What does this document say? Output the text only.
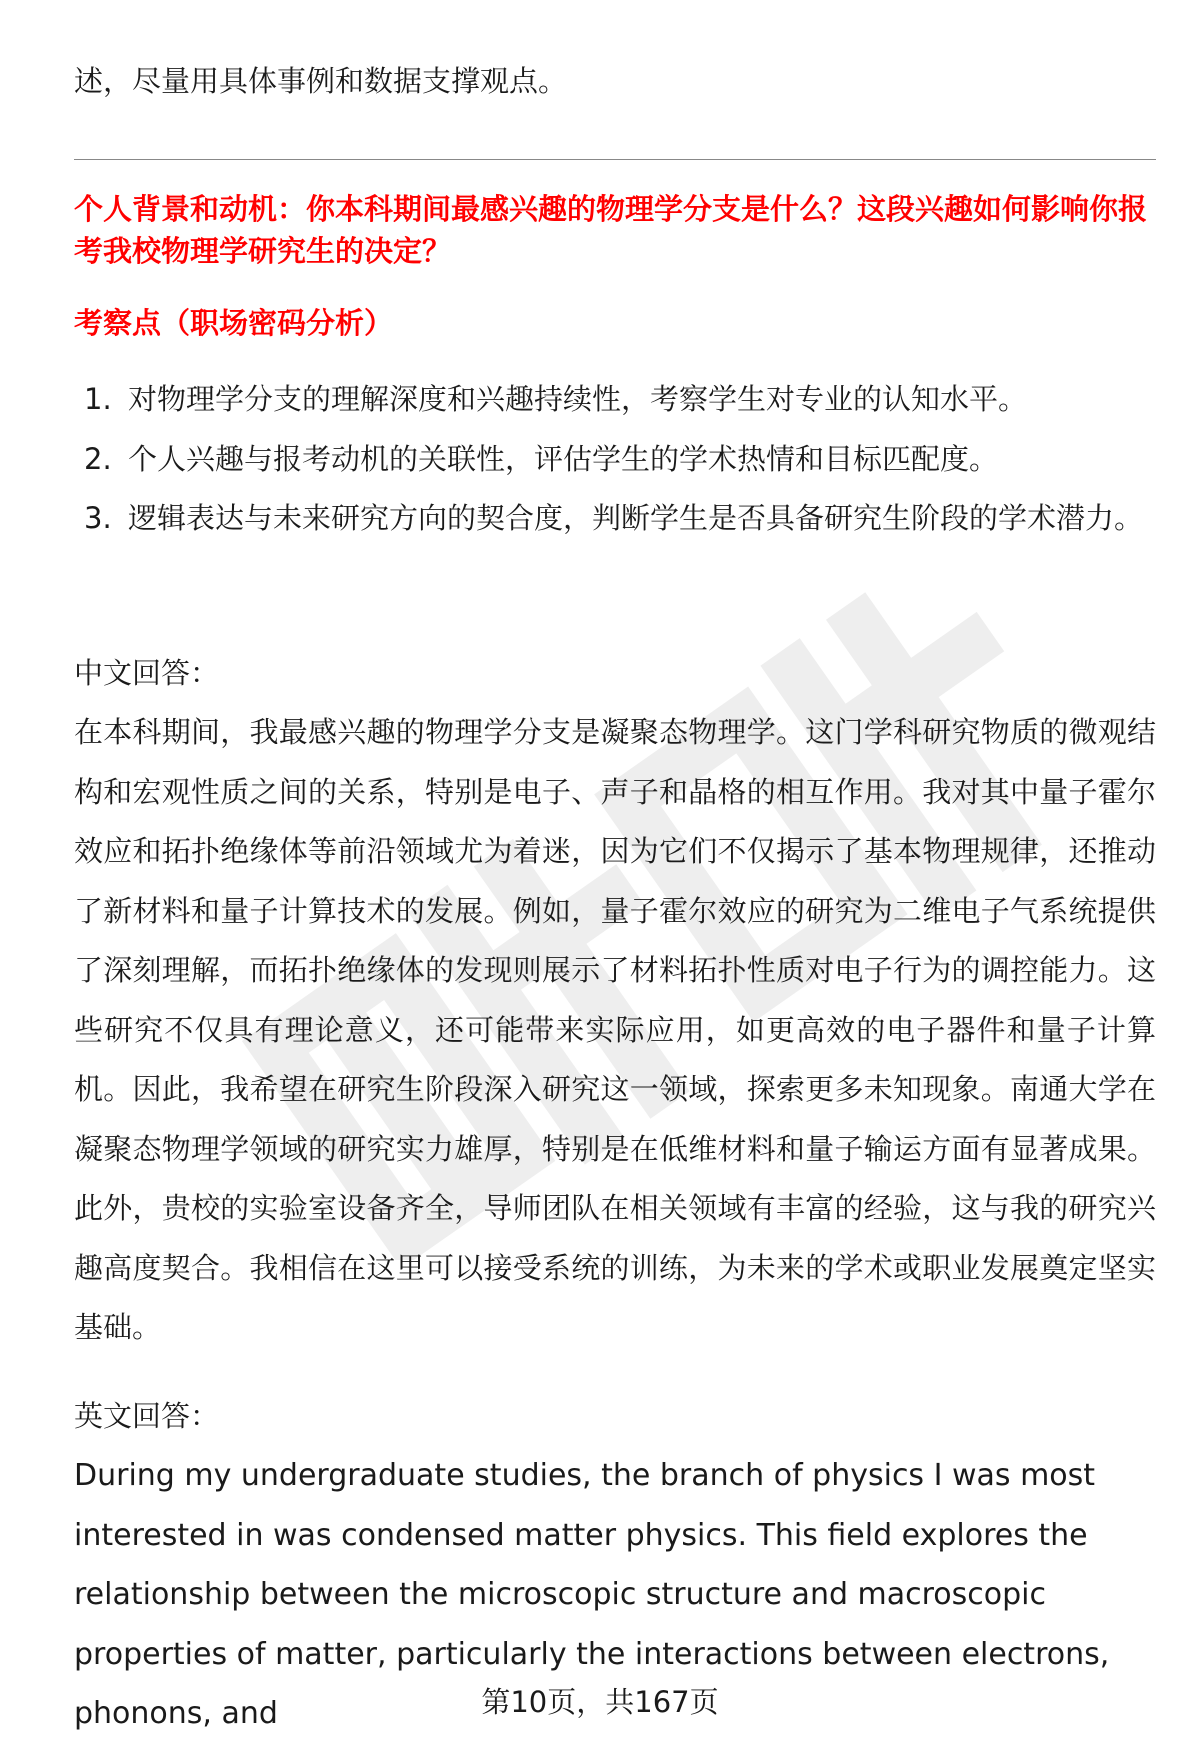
述，尽量用具体事例和数据支撑观点。

个人背景和动机：你本科期间最感兴趣的物理学分支是什么？这段兴趣如何影响你报考我校物理学研究生的决定？

考察点（职场密码分析）

1. 对物理学分支的理解深度和兴趣持续性，考察学生对专业的认知水平。
2. 个人兴趣与报考动机的关联性，评估学生的学术热情和目标匹配度。
3. 逻辑表达与未来研究方向的契合度，判断学生是否具备研究生阶段的学术潜力。

中文回答：

在本科期间，我最感兴趣的物理学分支是凝聚态物理学。这门学科研究物质的微观结构和宏观性质之间的关系，特别是电子、声子和晶格的相互作用。我对其中量子霍尔效应和拓扑绝缘体等前沿领域尤为着迷，因为它们不仅揭示了基本物理规律，还推动了新材料和量子计算技术的发展。例如，量子霍尔效应的研究为二维电子气系统提供了深刻理解，而拓扑绝缘体的发现则展示了材料拓扑性质对电子行为的调控能力。这些研究不仅具有理论意义，还可能带来实际应用，如更高效的电子器件和量子计算机。因此，我希望在研究生阶段深入研究这一领域，探索更多未知现象。南通大学在凝聚态物理学领域的研究实力雄厚，特别是在低维材料和量子输运方面有显著成果。此外，贵校的实验室设备齐全，导师团队在相关领域有丰富的经验，这与我的研究兴趣高度契合。我相信在这里可以接受系统的训练，为未来的学术或职业发展奠定坚实基础。

英文回答：

During my undergraduate studies, the branch of physics I was most interested in was condensed matter physics. This field explores the relationship between the microscopic structure and macroscopic properties of matter, particularly the interactions between electrons, phonons, and	第10页，共167页
